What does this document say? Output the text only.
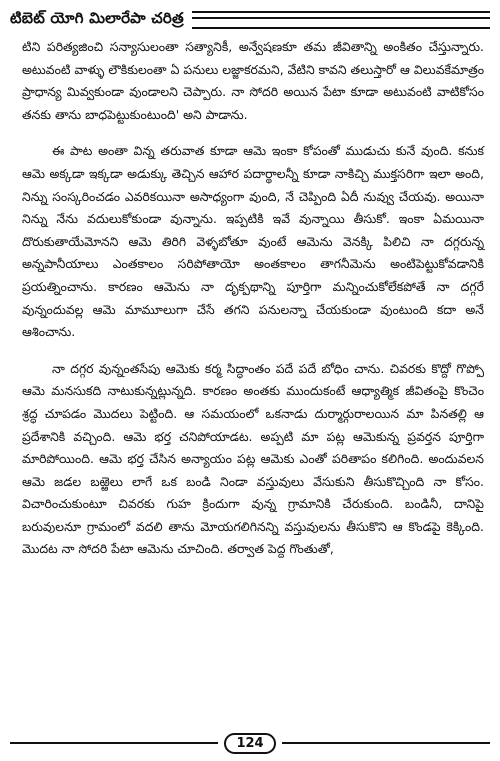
టిబెట్ యోగి మిలారేపా చరిత్ర

టిని పరిత్యజించి సన్యాసులంతా సత్యానికీ, అన్వేషణకూ తమ జీవితాన్ని అంకితం చేస్తున్నారు. అటువంటి వాళ్ళు లౌకికులంతా ఏ పనులు లజ్జాకరమని, వేటిని కావని తలుస్తారో ఆ విలువకేమాత్రం ప్రాధాన్య మివ్వకుండా వుండాలని చెప్పారు. నా సోదరి అయిన పేటా కూడా అటువంటి వాటికోసం తనకు తాను బాధపెట్టుకుంటుంది' అని పాడాను.

ఈ పాట అంతా విన్న తరువాత కూడా ఆమె ఇంకా కోపంతో ముడుచు కునే వుంది. కనుక ఆమె అక్కడా ఇక్కడా అడుక్కు తెచ్చిన ఆహార పదార్థాలన్నీ కూడా నాకిచ్చి ముక్తసరిగా ఇలా అంది, నిన్ను సంస్కరించడం ఎవరికయినా అసాధ్యంగా వుంది, నే చెప్పింది ఏదీ నువ్వు చేయవు. అయినా నిన్ను నేను వదులుకోకుండా వున్నాను. ఇప్పటికి ఇవే వున్నాయి తీసుకో. ఇంకా ఏమయినా దొరుకుతాయేమోనని ఆమె తిరిగి వెళ్ళబోతూ వుంటే ఆమెను వెనక్కి పిలిచి నా దగ్గరున్న అన్నపానీయాలు ఎంతకాలం సరిపోతాయో అంతకాలం తాగనీమెను అంటిపెట్టుకోవడానికి ప్రయత్నించాను. కారణం ఆమెను నా దృక్పథాన్ని పూర్తిగా మన్నించుకోలేకపోతే నా దగ్గరే వున్నందువల్ల ఆమె మామూలుగా చేసే తగని పనులన్నా చేయకుండా వుంటుంది కదా అనే ఆశించాను.

నా దగ్గర వున్నంతసేపు ఆమెకు కర్మ సిద్ధాంతం పదే పదే బోధిం చాను. చివరకు కొద్దో గొప్పో ఆమె మనసుకది నాటుకున్నట్లున్నది. కారణం అంతకు ముందుకంటే ఆధ్యాత్మిక జీవితంపై కొంచెం శ్రద్ధ చూపడం మొదలు పెట్టింది. ఆ సమయంలో ఒకనాడు దుర్మార్గురాలయిన మా పినతల్లి ఆ ప్రదేశానికి వచ్చింది. ఆమె భర్త చనిపోయాడట. అప్పటి మా పట్ల ఆమెకున్న ప్రవర్తన పూర్తిగా మారిపోయింది. ఆమె భర్త చేసిన అన్యాయం పట్ల ఆమెకు ఎంతో పరితాపం కలిగింది. అందువలన ఆమె జడల బఱ్ఱెలు లాగే ఒక బండి నిండా వస్తువులు వేసుకుని తీసుకొచ్చింది నా కోసం. విచారించుకుంటూ చివరకు గుహ క్రిందుగా వున్న గ్రామానికి చేరుకుంది. బండినీ, దానిపై బరువులనూ గ్రామంలో వదలి తాను మోయగలిగినన్ని వస్తువులను తీసుకొని ఆ కొండపై కెక్కింది. మొదట నా సోదరి పేటా ఆమెను చూచింది. తర్వాత పెద్ద గొంతుతో,

124
